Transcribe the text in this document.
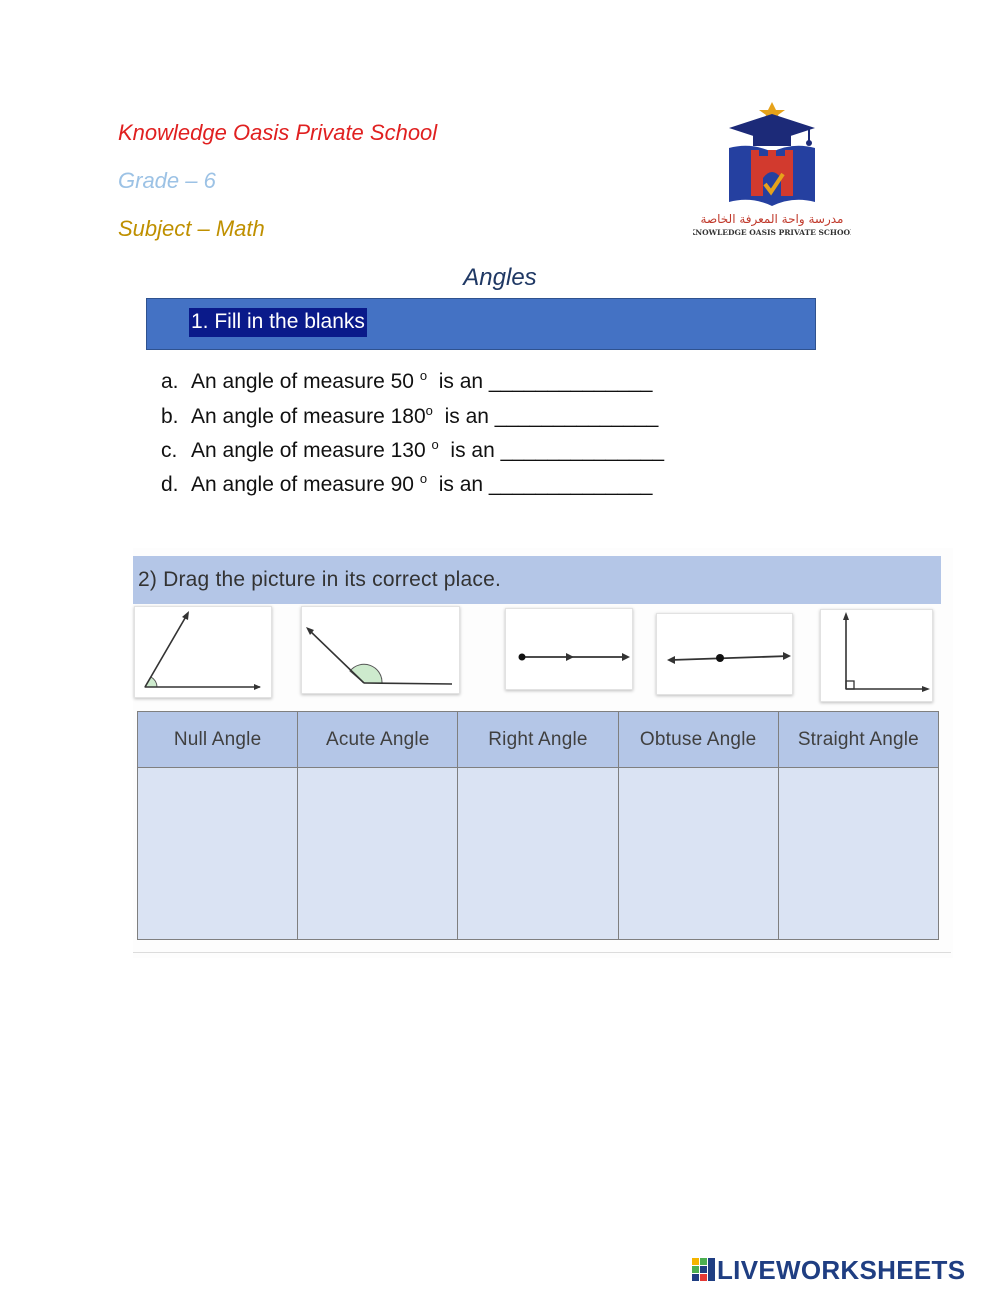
Knowledge Oasis Private School
Grade – 6
Subject – Math	مدرسة واحة المعرفة الخاصة
KNOWLEDGE OASIS PRIVATE SCHOOL
Angles
1. Fill in the blanks
a. An angle of measure 50 $^o$  is an ______________
b. An angle of measure 180$^o$  is an ______________
c. An angle of measure 130 $^o$  is an ______________
d. An angle of measure 90 $^o$  is an ______________
2) Drag the picture in its correct place.
Null Angle	Acute Angle	Right Angle	Obtuse Angle	Straight Angle

LIVEWORKSHEETS
